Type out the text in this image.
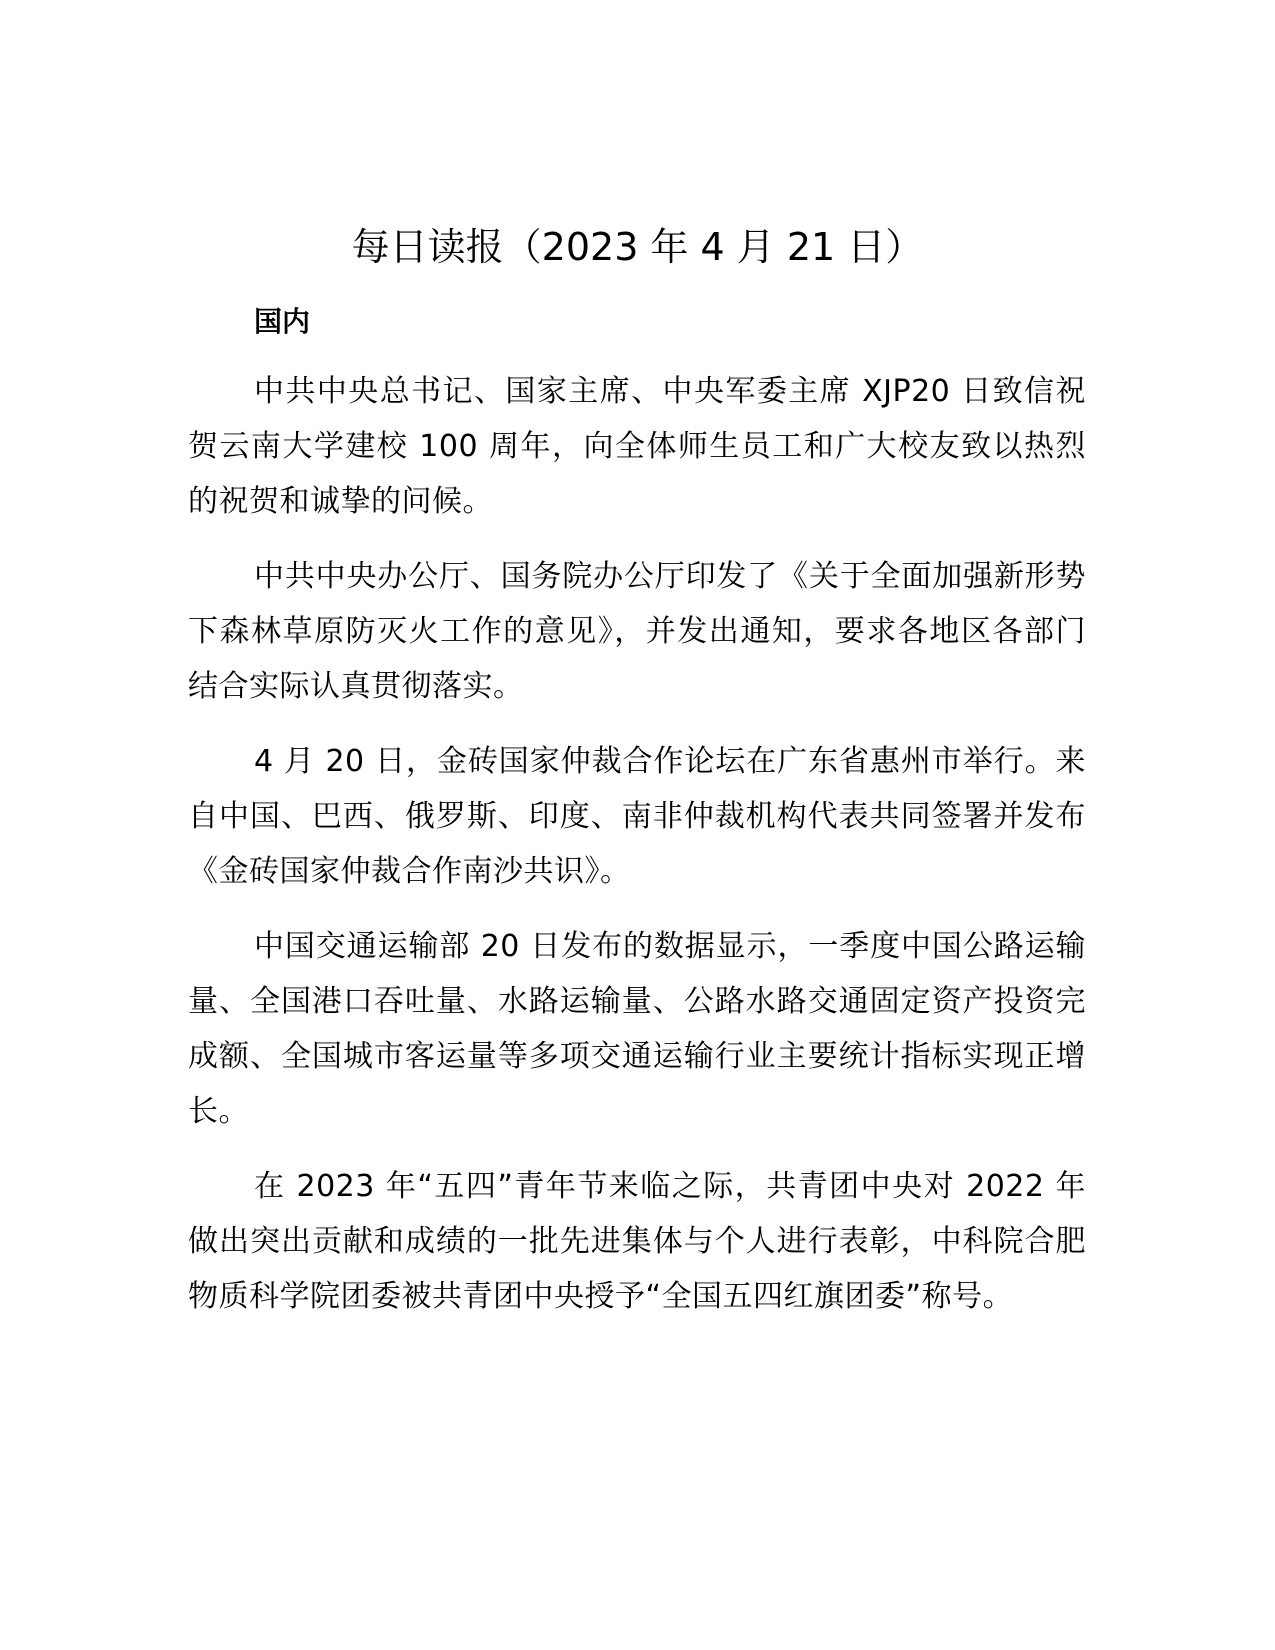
每日读报（2023 年 4 月 21 日）
国内

中共中央总书记、国家主席、中央军委主席 XJP20 日致信祝贺云南大学建校 100 周年，向全体师生员工和广大校友致以热烈的祝贺和诚挚的问候。

中共中央办公厅、国务院办公厅印发了《关于全面加强新形势下森林草原防灭火工作的意见》，并发出通知，要求各地区各部门结合实际认真贯彻落实。

4 月 20 日，金砖国家仲裁合作论坛在广东省惠州市举行。来自中国、巴西、俄罗斯、印度、南非仲裁机构代表共同签署并发布《金砖国家仲裁合作南沙共识》。

中国交通运输部 20 日发布的数据显示，一季度中国公路运输量、全国港口吞吐量、水路运输量、公路水路交通固定资产投资完成额、全国城市客运量等多项交通运输行业主要统计指标实现正增长。

在 2023 年“五四”青年节来临之际，共青团中央对 2022 年做出突出贡献和成绩的一批先进集体与个人进行表彰，中科院合肥物质科学院团委被共青团中央授予“全国五四红旗团委”称号。
